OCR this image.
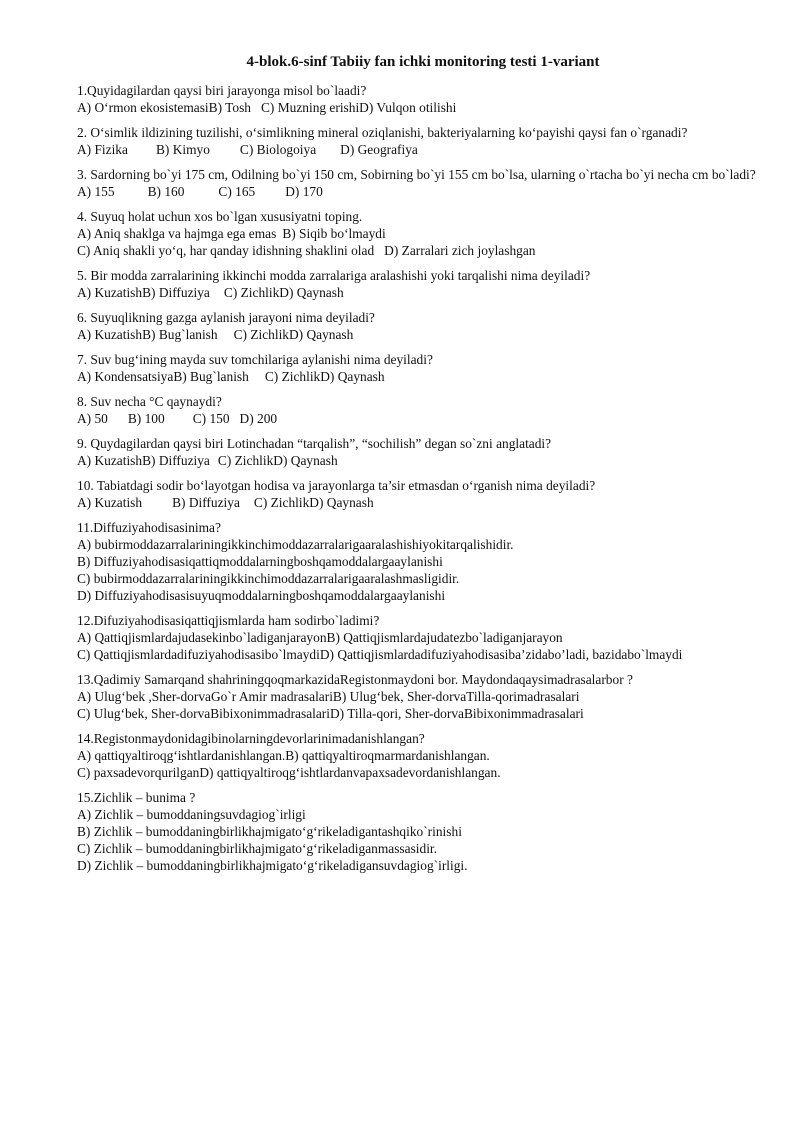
4-blok.6-sinf Tabiiy fan ichki monitoring testi 1-variant
1.Quyidagilardan qaysi biri jarayonga misol bo`laadi?
A) O‘rmon ekosistemasiB) Tosh C) Muzning erishiD) Vulqon otilishi
2. O‘simlik ildizining tuzilishi, o‘simlikning mineral oziqlanishi, bakteriyalarning ko‘payishi qaysi fan o`rganadi?
A) Fizika B) Kimyo C) Biologoiya D) Geografiya
3. Sardorning bo`yi 175 cm, Odilning bo`yi 150 cm, Sobirning bo`yi 155 cm bo`lsa, ularning o`rtacha bo`yi necha cm bo`ladi?
A) 155 B) 160	C) 165 D) 170
4. Suyuq holat uchun xos bo`lgan xususiyatni toping.
A) Aniq shaklga va hajmga ega emas B) Siqib bo‘lmaydi
C) Aniq shakli yo‘q, har qanday idishning shaklini olad D) Zarralari zich joylashgan
5. Bir modda zarralarining ikkinchi modda zarralariga aralashishi yoki tarqalishi nima deyiladi?
A) KuzatishB) Diffuziya C) ZichlikD) Qaynash
6. Suyuqlikning gazga aylanish jarayoni nima deyiladi?
A) KuzatishB) Bug`lanish C) ZichlikD) Qaynash
7. Suv bug‘ining mayda suv tomchilariga aylanishi nima deyiladi?
A) KondensatsiyaB) Bug`lanish C) ZichlikD) Qaynash
8. Suv necha °C qaynaydi?
A) 50 B) 100 C) 150 D) 200
9. Quydagilardan qaysi biri Lotinchadan “tarqalish”, “sochilish” degan so`zni anglatadi?
A) KuzatishB) Diffuziya C) ZichlikD) Qaynash
10. Tabiatdagi sodir bo‘layotgan hodisa va jarayonlarga ta’sir etmasdan o‘rganish nima deyiladi?
A) Kuzatish B) Diffuziya C) ZichlikD) Qaynash
11.Diffuziyahodisasinima?
A) bubirmoddazarralariningikkinchimoddazarralarigaaralashishiyokitarqalishidir.
B) Diffuziyahodisasiqattiqmoddalarningboshqamoddalargaaylanishi
C) bubirmoddazarralariningikkinchimoddazarralarigaaralashmasligidir.
D) Diffuziyahodisasisuyuqmoddalarningboshqamoddalargaaylanishi
12.Difuziyahodisasiqattiqjismlarda ham sodirbo`ladimi?
A) Qattiqjismlardajudasekinbo`ladiganjarayonB) Qattiqjismlardajudatezbo`ladiganjarayon
C) Qattiqjismlardadifuziyahodisasibo`lmaydiD) Qattiqjismlardadifuziyahodisasiba’zidabo’ladi, bazidabo`lmaydi
13.Qadimiy Samarqand shahriningqoqmarkazidaRegistonmaydoni bor. Maydondaqaysimadrasalarbor ?
A) Ulug‘bek ,Sher-dorvaGo`r Amir madrasalariB) Ulug‘bek, Sher-dorvaTilla-qorimadrasalari
C) Ulug‘bek, Sher-dorvaBibixonimmadrasalariD) Tilla-qori, Sher-dorvaBibixonimmadrasalari
14.Registonmaydonidagibinolarningdevorlarinimadanishlangan?
A) qattiqyaltiroqg‘ishtlardanishlangan.B) qattiqyaltiroqmarmardanishlangan.
C) paxsadevorqurilganD) qattiqyaltiroqg‘ishtlardanvapaxsadevordanishlangan.
15.Zichlik – bunima ?
A) Zichlik – bumoddaningsuvdagiog`irligi
B) Zichlik – bumoddaningbirlikhajmigato‘g‘rikeladigantashqiko`rinishi
C) Zichlik – bumoddaningbirlikhajmigato‘g‘rikeladiganmassasidir.
D) Zichlik – bumoddaningbirlikhajmigato‘g‘rikeladigansuvdagiog`irligi.
